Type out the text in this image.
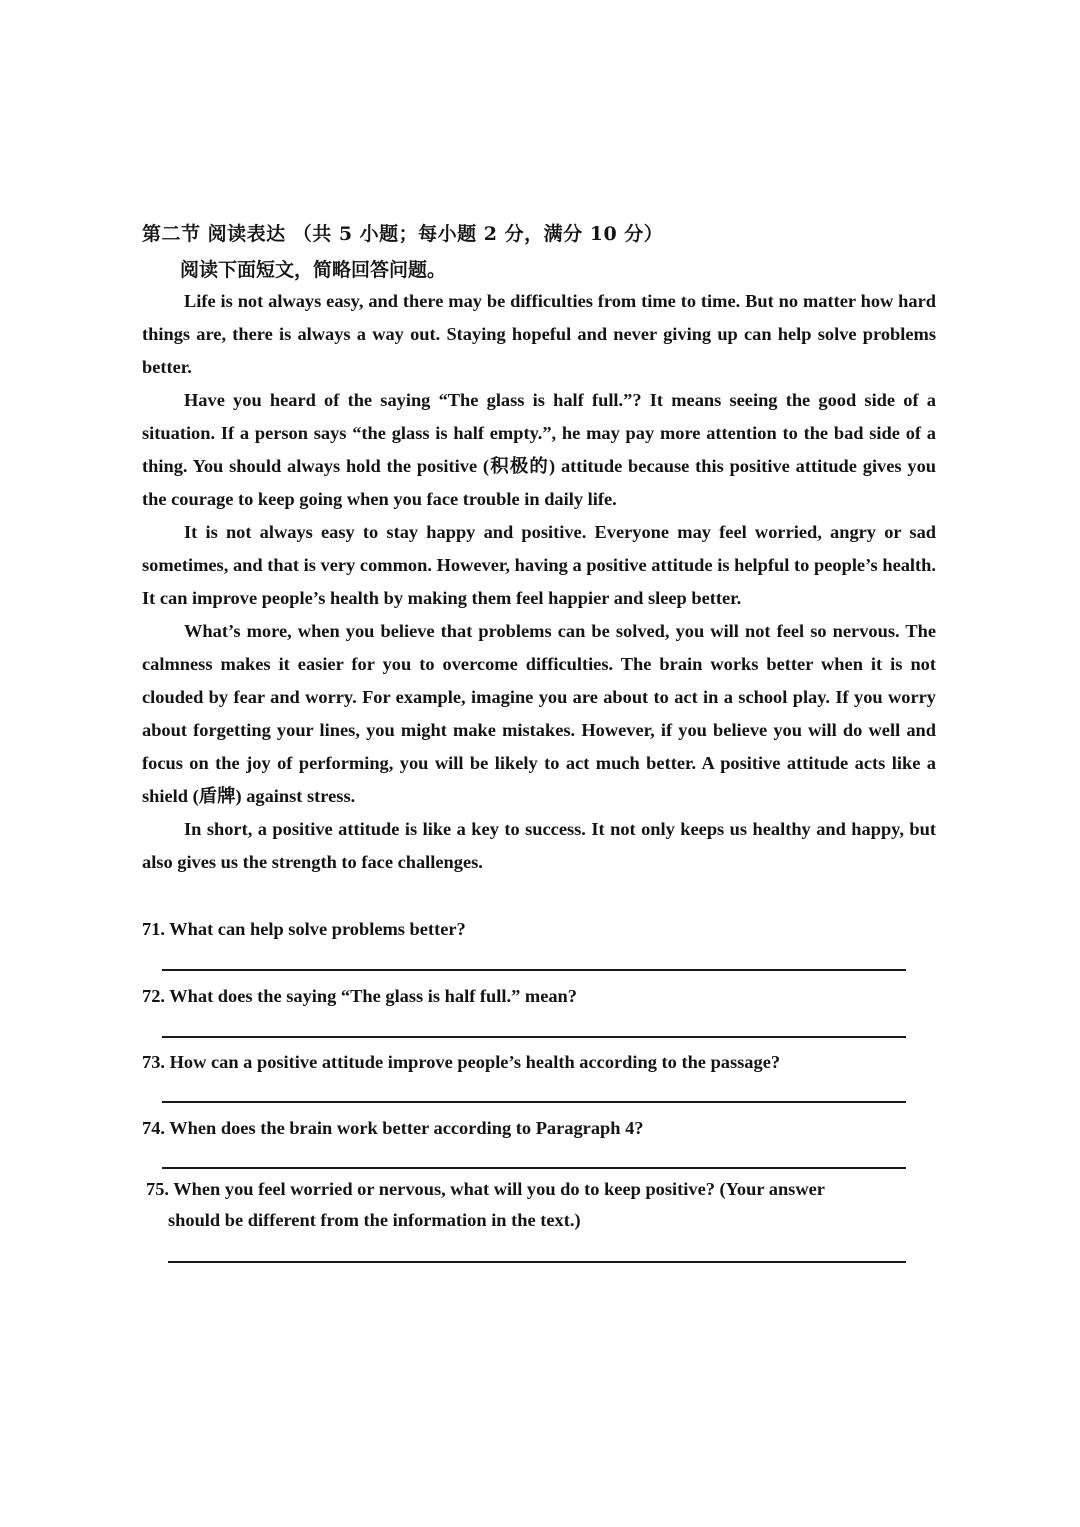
第二节 阅读表达 （共 5 小题；每小题 2 分，满分 10 分）
阅读下面短文，简略回答问题。

Life is not always easy, and there may be difficulties from time to time. But no matter how hard things are, there is always a way out. Staying hopeful and never giving up can help solve problems better.

Have you heard of the saying “The glass is half full.”? It means seeing the good side of a situation. If a person says “the glass is half empty.”, he may pay more attention to the bad side of a thing. You should always hold the positive (积极的) attitude because this positive attitude gives you the courage to keep going when you face trouble in daily life.

It is not always easy to stay happy and positive. Everyone may feel worried, angry or sad sometimes, and that is very common. However, having a positive attitude is helpful to people’s health. It can improve people’s health by making them feel happier and sleep better.

What’s more, when you believe that problems can be solved, you will not feel so nervous. The calmness makes it easier for you to overcome difficulties. The brain works better when it is not clouded by fear and worry. For example, imagine you are about to act in a school play. If you worry about forgetting your lines, you might make mistakes. However, if you believe you will do well and focus on the joy of performing, you will be likely to act much better. A positive attitude acts like a shield (盾牌) against stress.

In short, a positive attitude is like a key to success. It not only keeps us healthy and happy, but also gives us the strength to face challenges.

71. What can help solve problems better?
72. What does the saying “The glass is half full.” mean?
73. How can a positive attitude improve people’s health according to the passage?
74. When does the brain work better according to Paragraph 4?
75. When you feel worried or nervous, what will you do to keep positive? (Your answer
should be different from the information in the text.)
